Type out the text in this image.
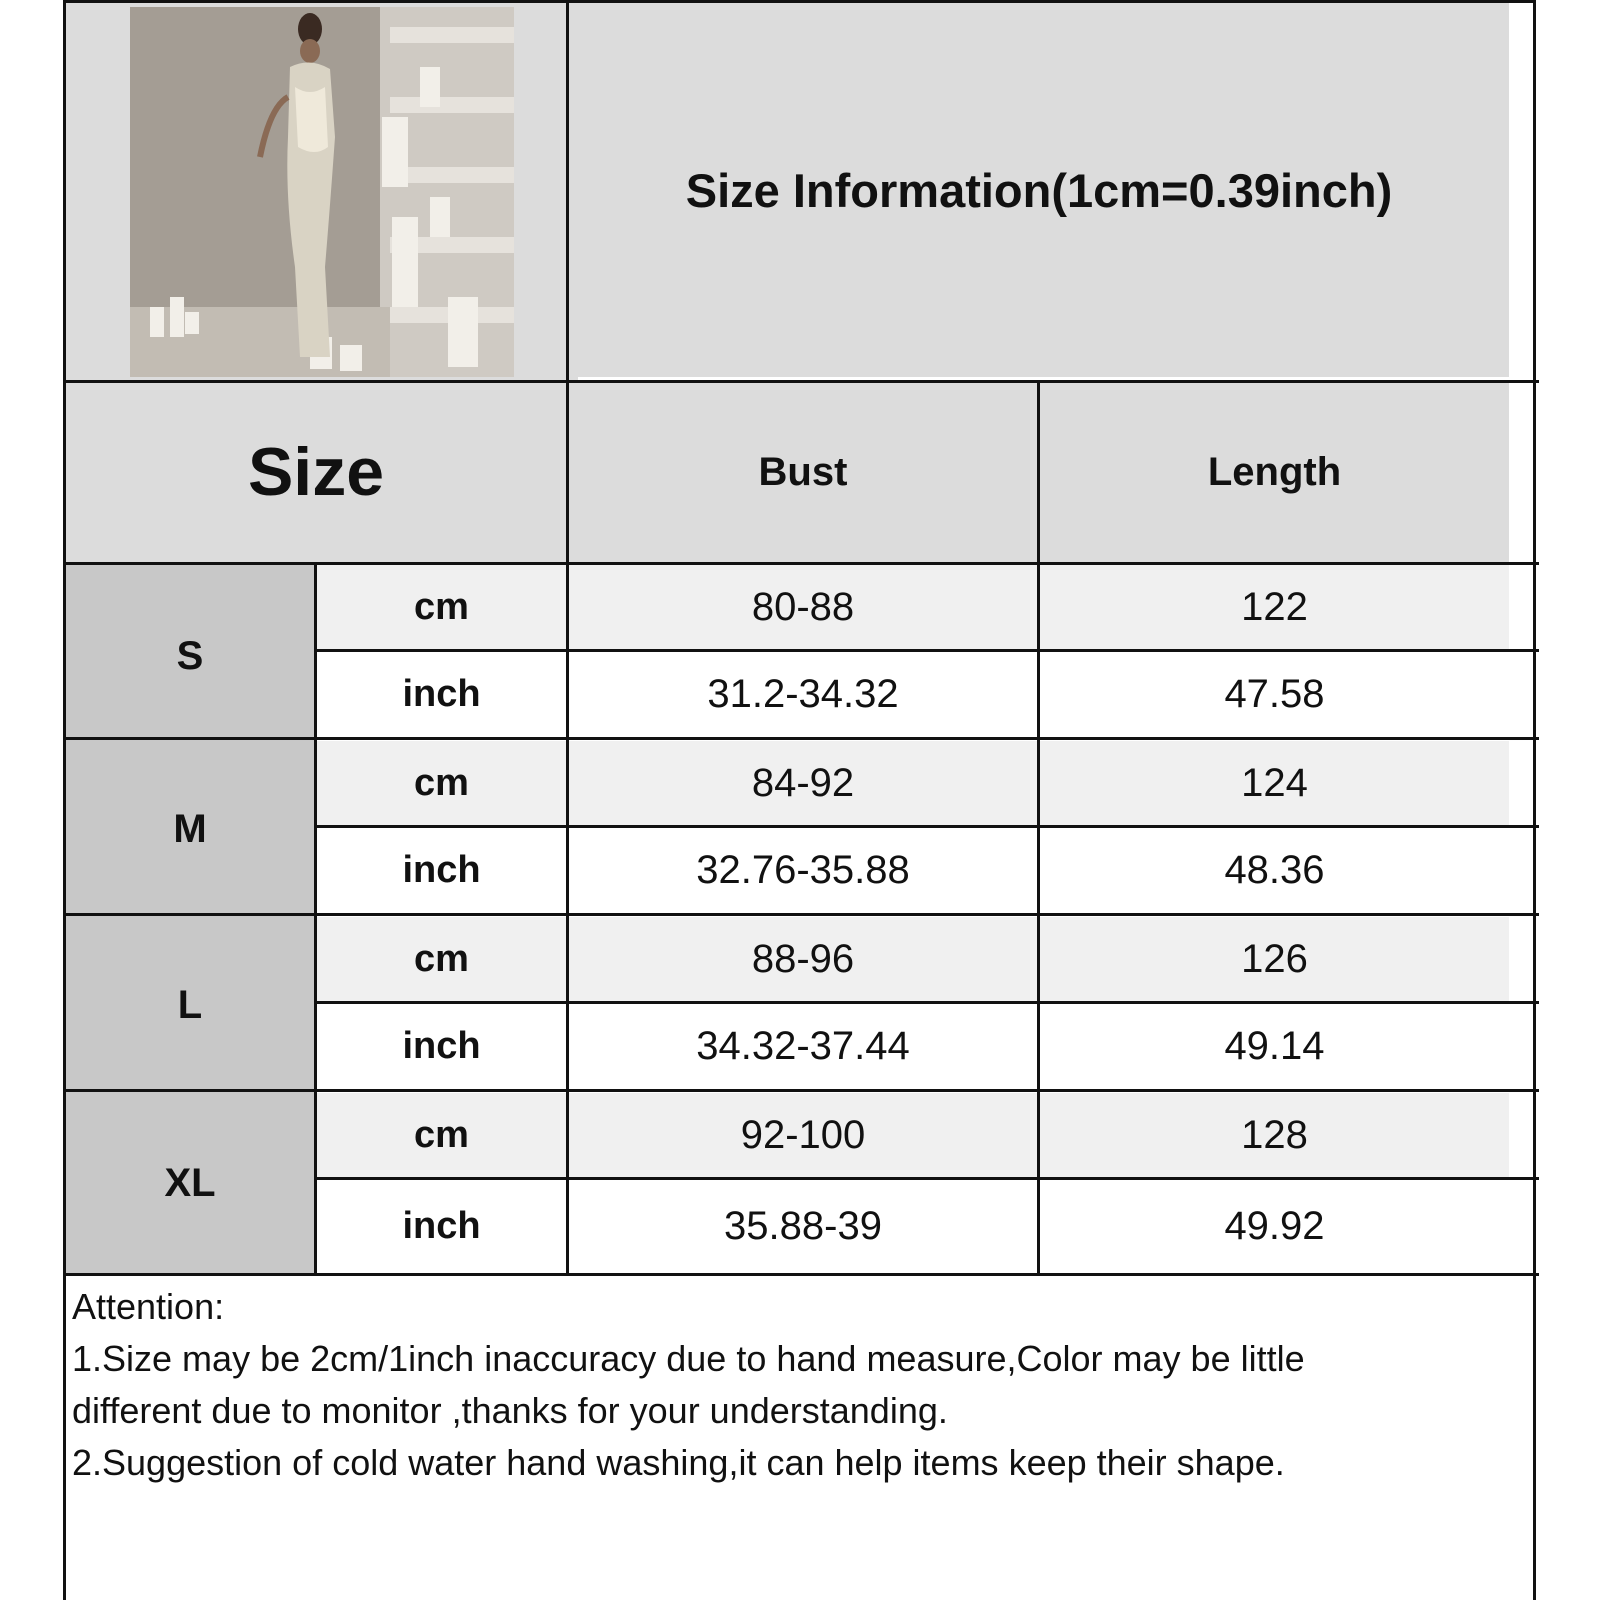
Size Information(1cm=0.39inch)
Size	Bust	Length
S
cm	80-88	122
inch	31.2-34.32	47.58
M
cm	84-92	124
inch	32.76-35.88	48.36
L
cm	88-96	126
inch	34.32-37.44	49.14
XL
cm	92-100	128
inch	35.88-39	49.92
Attention:
1.Size may be 2cm/1inch inaccuracy due to hand measure,Color may be little
different due to monitor ,thanks for your understanding.
2.Suggestion of cold water hand washing,it can help items keep their shape.
